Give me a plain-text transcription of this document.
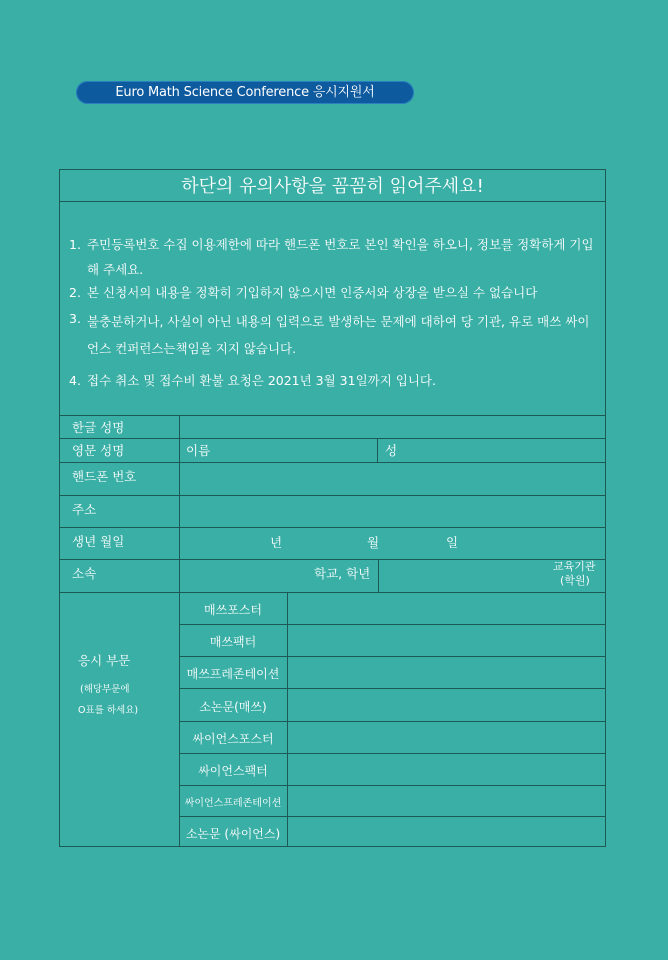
Euro Math Science Conference 응시지원서
하단의 유의사항을 꼼꼼히 읽어주세요!
1. 주민등록번호 수집 이용제한에 따라 핸드폰 번호로 본인 확인을 하오니, 정보를 정확하게 기입해 주세요.
2. 본 신청서의 내용을 정확히 기입하지 않으시면 인증서와 상장을 받으실 수 없습니다
3. 불충분하거나, 사실이 아닌 내용의 입력으로 발생하는 문제에 대하여 당 기관, 유로 매쓰 싸이언스 컨퍼런스는책임을 지지 않습니다.
4. 접수 취소 및 접수비 환불 요청은 2021년 3월 31일까지 입니다.
한글 성명
영문 성명	이름	성
핸드폰 번호
주소
생년 월일	년	월	일
소속	학교, 학년	교육기관
(학원)
응시 부문
(해당부문에
O표를 하세요)
매쓰포스터
매쓰팩터
매쓰프레존테이션
소논문(매쓰)
싸이언스포스터
싸이언스팩터
싸이언스프레존테이션
소논문 (싸이언스)
